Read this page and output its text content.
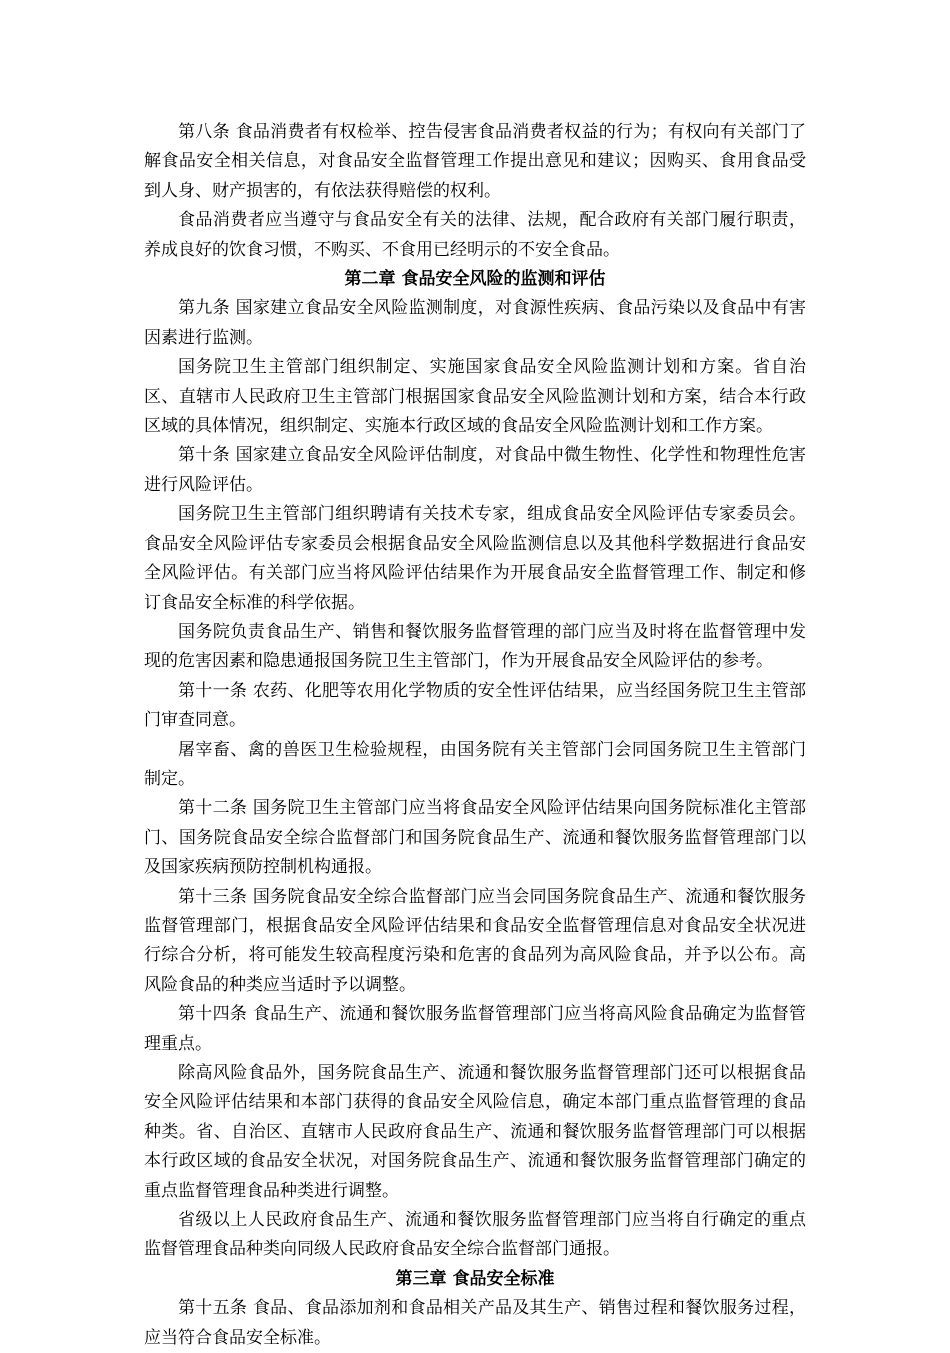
第八条 食品消费者有权检举、控告侵害食品消费者权益的行为；有权向有关部门了解食品安全相关信息，对食品安全监督管理工作提出意见和建议；因购买、食用食品受到人身、财产损害的，有依法获得赔偿的权利。

食品消费者应当遵守与食品安全有关的法律、法规，配合政府有关部门履行职责，养成良好的饮食习惯，不购买、不食用已经明示的不安全食品。

第二章 食品安全风险的监测和评估

第九条 国家建立食品安全风险监测制度，对食源性疾病、食品污染以及食品中有害因素进行监测。

国务院卫生主管部门组织制定、实施国家食品安全风险监测计划和方案。省自治区、直辖市人民政府卫生主管部门根据国家食品安全风险监测计划和方案，结合本行政区域的具体情况，组织制定、实施本行政区域的食品安全风险监测计划和工作方案。

第十条 国家建立食品安全风险评估制度，对食品中微生物性、化学性和物理性危害进行风险评估。

国务院卫生主管部门组织聘请有关技术专家，组成食品安全风险评估专家委员会。食品安全风险评估专家委员会根据食品安全风险监测信息以及其他科学数据进行食品安全风险评估。有关部门应当将风险评估结果作为开展食品安全监督管理工作、制定和修订食品安全标准的科学依据。

国务院负责食品生产、销售和餐饮服务监督管理的部门应当及时将在监督管理中发现的危害因素和隐患通报国务院卫生主管部门，作为开展食品安全风险评估的参考。

第十一条 农药、化肥等农用化学物质的安全性评估结果，应当经国务院卫生主管部门审查同意。

屠宰畜、禽的兽医卫生检验规程，由国务院有关主管部门会同国务院卫生主管部门制定。

第十二条 国务院卫生主管部门应当将食品安全风险评估结果向国务院标准化主管部门、国务院食品安全综合监督部门和国务院食品生产、流通和餐饮服务监督管理部门以及国家疾病预防控制机构通报。

第十三条 国务院食品安全综合监督部门应当会同国务院食品生产、流通和餐饮服务监督管理部门，根据食品安全风险评估结果和食品安全监督管理信息对食品安全状况进行综合分析，将可能发生较高程度污染和危害的食品列为高风险食品，并予以公布。高风险食品的种类应当适时予以调整。

第十四条 食品生产、流通和餐饮服务监督管理部门应当将高风险食品确定为监督管理重点。

除高风险食品外，国务院食品生产、流通和餐饮服务监督管理部门还可以根据食品安全风险评估结果和本部门获得的食品安全风险信息，确定本部门重点监督管理的食品种类。省、自治区、直辖市人民政府食品生产、流通和餐饮服务监督管理部门可以根据本行政区域的食品安全状况，对国务院食品生产、流通和餐饮服务监督管理部门确定的重点监督管理食品种类进行调整。

省级以上人民政府食品生产、流通和餐饮服务监督管理部门应当将自行确定的重点监督管理食品种类向同级人民政府食品安全综合监督部门通报。

第三章 食品安全标准

第十五条 食品、食品添加剂和食品相关产品及其生产、销售过程和餐饮服务过程，应当符合食品安全标准。
